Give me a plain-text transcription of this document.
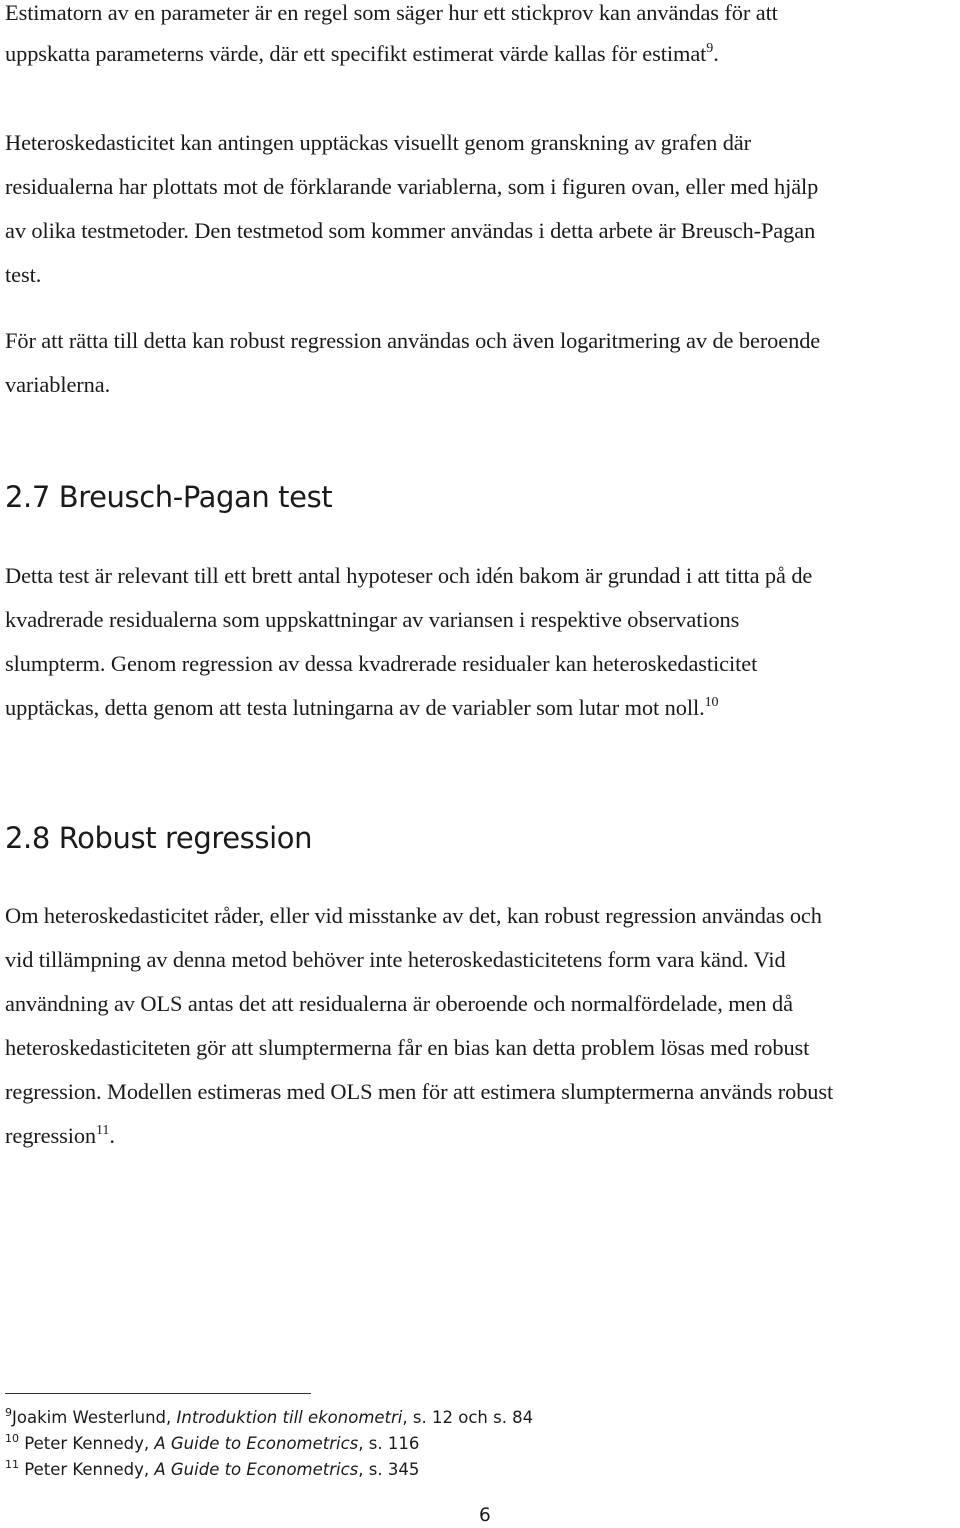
Estimatorn av en parameter är en regel som säger hur ett stickprov kan användas för att
uppskatta parameterns värde, där ett specifikt estimerat värde kallas för estimat$^9$.
Heteroskedasticitet kan antingen upptäckas visuellt genom granskning av grafen där
residualerna har plottats mot de förklarande variablerna, som i figuren ovan, eller med hjälp
av olika testmetoder. Den testmetod som kommer användas i detta arbete är Breusch-Pagan
test.
För att rätta till detta kan robust regression användas och även logaritmering av de beroende
variablerna.
2.7 Breusch-Pagan test
Detta test är relevant till ett brett antal hypoteser och idén bakom är grundad i att titta på de
kvadrerade residualerna som uppskattningar av variansen i respektive observations
slumpterm. Genom regression av dessa kvadrerade residualer kan heteroskedasticitet
upptäckas, detta genom att testa lutningarna av de variabler som lutar mot noll.$^{10}$
2.8 Robust regression
Om heteroskedasticitet råder, eller vid misstanke av det, kan robust regression användas och
vid tillämpning av denna metod behöver inte heteroskedasticitetens form vara känd. Vid
användning av OLS antas det att residualerna är oberoende och normalfördelade, men då
heteroskedasticiteten gör att slumptermerna får en bias kan detta problem lösas med robust
regression. Modellen estimeras med OLS men för att estimera slumptermerna används robust
regression$^{11}$.
$^9$Joakim Westerlund, Introduktion till ekonometri, s. 12 och s. 84
$^{10}$ Peter Kennedy, A Guide to Econometrics, s. 116
$^{11}$ Peter Kennedy, A Guide to Econometrics, s. 345
6
